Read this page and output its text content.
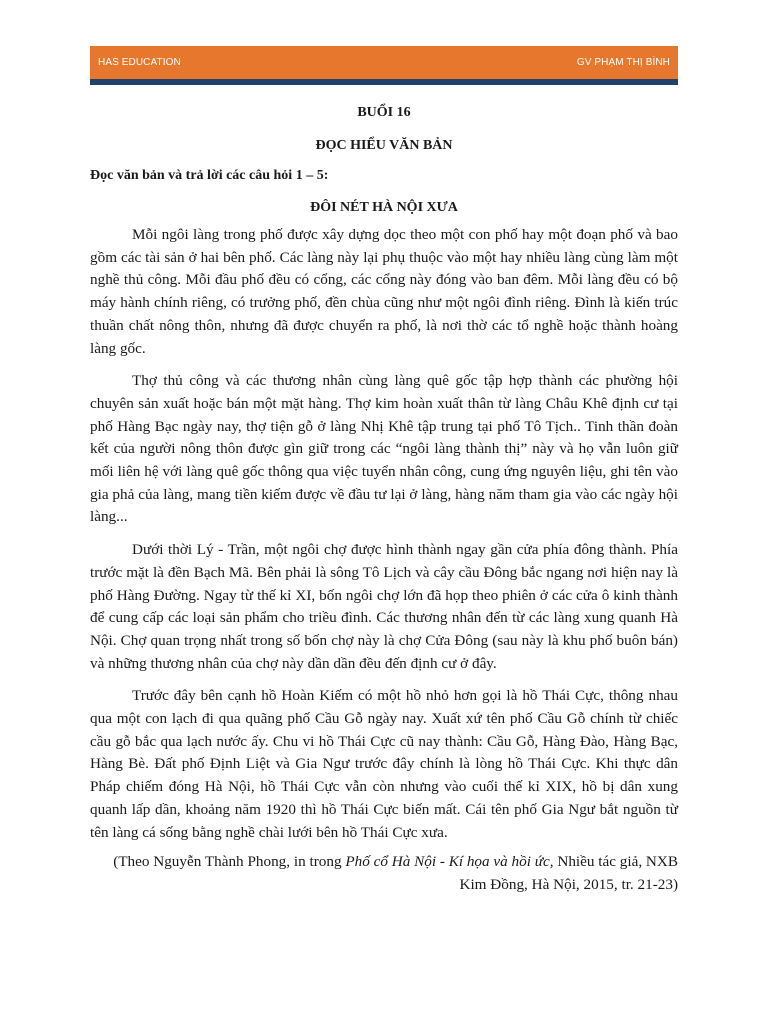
HAS EDUCATION	GV PHẠM THỊ BÌNH
BUỔI 16
ĐỌC HIỂU VĂN BẢN
Đọc văn bản và trả lời các câu hỏi 1 – 5:
ĐÔI NÉT HÀ NỘI XƯA

Mỗi ngôi làng trong phố được xây dựng dọc theo một con phố hay một đoạn phố và bao gồm các tài sản ở hai bên phố. Các làng này lại phụ thuộc vào một hay nhiều làng cùng làm một nghề thủ công. Mỗi đầu phố đều có cổng, các cổng này đóng vào ban đêm. Mỗi làng đều có bộ máy hành chính riêng, có trưởng phố, đền chùa cũng như một ngôi đình riêng. Đình là kiến trúc thuần chất nông thôn, nhưng đã được chuyển ra phố, là nơi thờ các tổ nghề hoặc thành hoàng làng gốc.

Thợ thủ công và các thương nhân cùng làng quê gốc tập hợp thành các phường hội chuyên sản xuất hoặc bán một mặt hàng. Thợ kim hoàn xuất thân từ làng Châu Khê định cư tại phố Hàng Bạc ngày nay, thợ tiện gỗ ở làng Nhị Khê tập trung tại phố Tô Tịch.. Tinh thần đoàn kết của người nông thôn được gìn giữ trong các “ngôi làng thành thị” này và họ vẫn luôn giữ mối liên hệ với làng quê gốc thông qua việc tuyển nhân công, cung ứng nguyên liệu, ghi tên vào gia phả của làng, mang tiền kiếm được về đầu tư lại ở làng, hàng năm tham gia vào các ngày hội làng...

Dưới thời Lý - Trần, một ngôi chợ được hình thành ngay gần cửa phía đông thành. Phía trước mặt là đền Bạch Mã. Bên phải là sông Tô Lịch và cây cầu Đông bắc ngang nơi hiện nay là phố Hàng Đường. Ngay từ thế kỉ XI, bốn ngôi chợ lớn đã họp theo phiên ở các cửa ô kinh thành để cung cấp các loại sản phẩm cho triều đình. Các thương nhân đến từ các làng xung quanh Hà Nội. Chợ quan trọng nhất trong số bốn chợ này là chợ Cửa Đông (sau này là khu phố buôn bán) và những thương nhân của chợ này dần dần đều đến định cư ở đây.

Trước đây bên cạnh hồ Hoàn Kiếm có một hồ nhỏ hơn gọi là hồ Thái Cực, thông nhau qua một con lạch đi qua quãng phố Cầu Gỗ ngày nay. Xuất xứ tên phố Cầu Gỗ chính từ chiếc cầu gỗ bắc qua lạch nước ấy. Chu vi hồ Thái Cực cũ nay thành: Cầu Gỗ, Hàng Đào, Hàng Bạc, Hàng Bè. Đất phố Định Liệt và Gia Ngư trước đây chính là lòng hồ Thái Cực. Khi thực dân Pháp chiếm đóng Hà Nội, hồ Thái Cực vẫn còn nhưng vào cuối thế kỉ XIX, hồ bị dân xung quanh lấp dần, khoảng năm 1920 thì hồ Thái Cực biến mất. Cái tên phố Gia Ngư bắt nguồn từ tên làng cá sống bằng nghề chài lưới bên hồ Thái Cực xưa.

(Theo Nguyễn Thành Phong, in trong Phố cổ Hà Nội - Kí họa và hồi ức, Nhiều tác giả, NXB Kim Đồng, Hà Nội, 2015, tr. 21-23)
